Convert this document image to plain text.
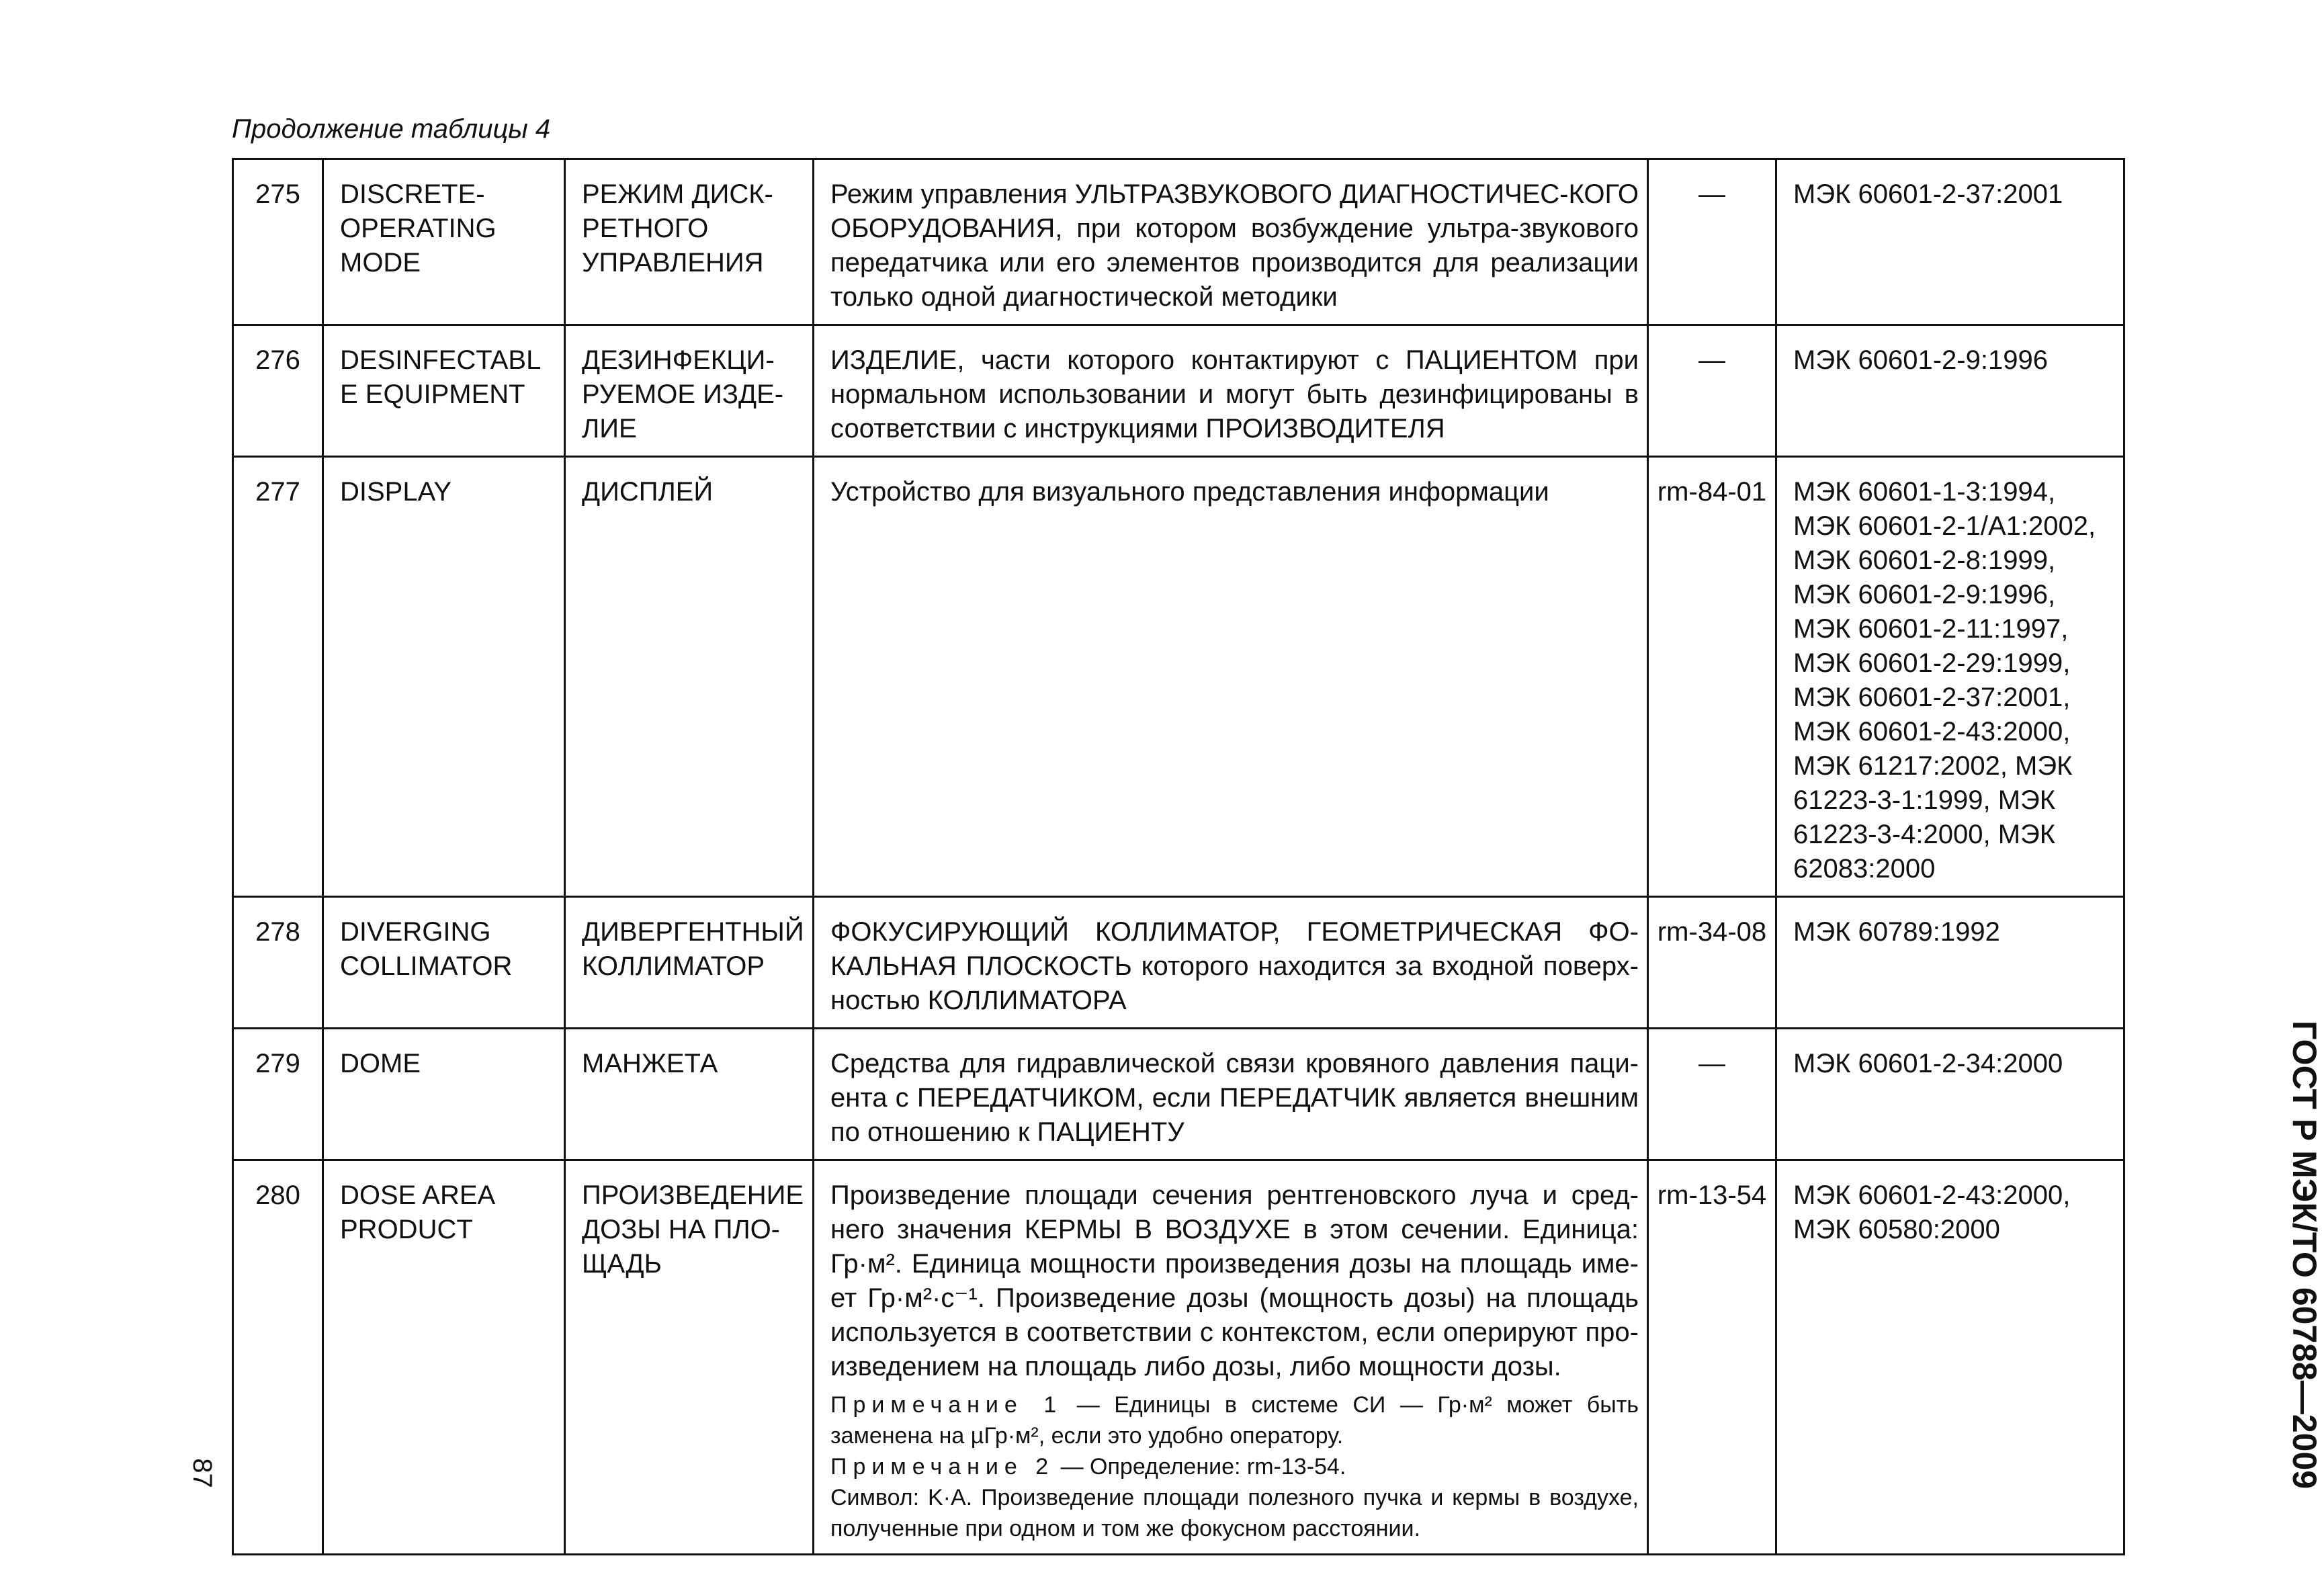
Продолжение таблицы 4
275	DISCRETE-OPERATING MODE	РЕЖИМ ДИСК-РЕТНОГО УПРАВЛЕНИЯ	Режим управления УЛЬТРАЗВУКОВОГО ДИАГНОСТИЧЕС-КОГО ОБОРУДОВАНИЯ, при котором возбуждение ультра-звукового передатчика или его элементов производится для реализации только одной диагностической методики	—	МЭК 60601-2-37:2001
276	DESINFECTABLE EQUIPMENT	ДЕЗИНФЕКЦИ-РУЕМОЕ ИЗДЕ-ЛИЕ	ИЗДЕЛИЕ, части которого контактируют с ПАЦИЕНТОМ при нормальном использовании и могут быть дезинфицированы в соответствии с инструкциями ПРОИЗВОДИТЕЛЯ	—	МЭК 60601-2-9:1996
277	DISPLAY	ДИСПЛЕЙ	Устройство для визуального представления информации	rm-84-01	МЭК 60601-1-3:1994, МЭК 60601-2-1/A1:2002, МЭК 60601-2-8:1999, МЭК 60601-2-9:1996, МЭК 60601-2-11:1997, МЭК 60601-2-29:1999, МЭК 60601-2-37:2001, МЭК 60601-2-43:2000, МЭК 61217:2002, МЭК 61223-3-1:1999, МЭК 61223-3-4:2000, МЭК 62083:2000
278	DIVERGING COLLIMATOR	ДИВЕРГЕНТНЫЙ КОЛЛИМАТОР	ФОКУСИРУЮЩИЙ КОЛЛИМАТОР, ГЕОМЕТРИЧЕСКАЯ ФО-КАЛЬНАЯ ПЛОСКОСТЬ которого находится за входной поверх-ностью КОЛЛИМАТОРА	rm-34-08	МЭК 60789:1992
279	DOME	МАНЖЕТА	Средства для гидравлической связи кровяного давления паци-ента с ПЕРЕДАТЧИКОМ, если ПЕРЕДАТЧИК является внешним по отношению к ПАЦИЕНТУ	—	МЭК 60601-2-34:2000
280	DOSE AREA PRODUCT	ПРОИЗВЕДЕНИЕ ДОЗЫ НА ПЛО-ЩАДЬ	Произведение площади сечения рентгеновского луча и сред-него значения КЕРМЫ В ВОЗДУХЕ в этом сечении. Единица: Гр·м². Единица мощности произведения дозы на площадь име-ет Гр·м²·с⁻¹. Произведение дозы (мощность дозы) на площадь используется в соответствии с контекстом, если оперируют про-изведением на площадь либо дозы, либо мощности дозы.
Примечание 1 — Единицы в системе СИ — Гр·м² может быть заменена на µГр·м², если это удобно оператору.
Примечание 2 — Определение: rm-13-54.
Символ: K·A. Произведение площади полезного пучка и кермы в воздухе, полученные при одном и том же фокусном расстоянии.	rm-13-54	МЭК 60601-2-43:2000, МЭК 60580:2000
87	ГОСТ Р МЭК/ТО 60788—2009
